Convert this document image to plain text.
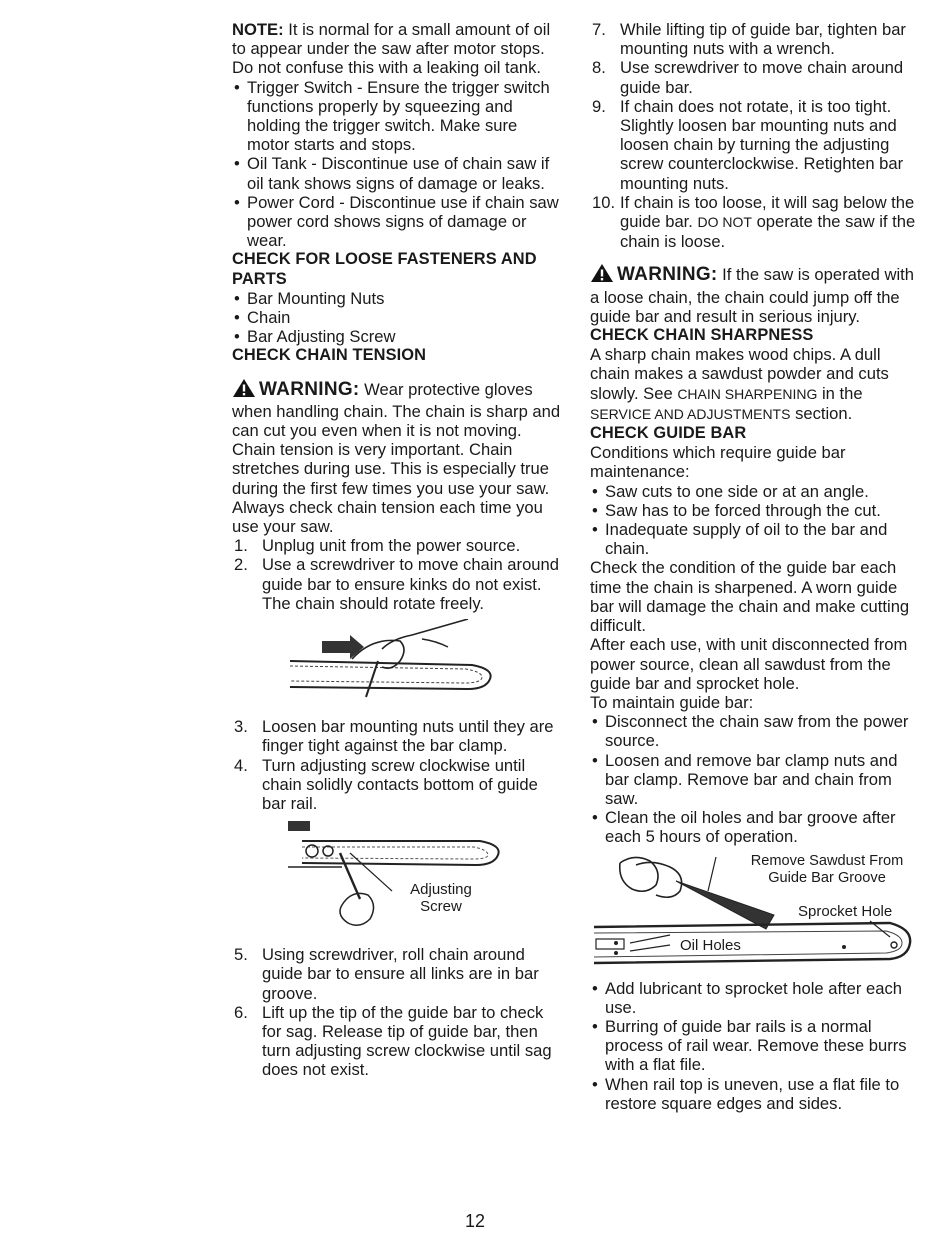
NOTE: It is normal for a small amount of oil to appear under the saw after motor stops. Do not confuse this with a leaking oil tank.

• Trigger Switch - Ensure the trigger switch functions properly by squeezing and holding the trigger switch. Make sure motor starts and stops.
• Oil Tank - Discontinue use of chain saw if oil tank shows signs of damage or leaks.
• Power Cord - Discontinue use if chain saw power cord shows signs of damage or wear.

CHECK FOR LOOSE FASTENERS AND PARTS

• Bar Mounting Nuts
• Chain
• Bar Adjusting Screw

CHECK CHAIN TENSION

WARNING: Wear protective gloves when handling chain. The chain is sharp and can cut you even when it is not moving.

Chain tension is very important. Chain stretches during use. This is especially true during the first few times you use your saw. Always check chain tension each time you use your saw.

1. Unplug unit from the power source.
2. Use a screwdriver to move chain around guide bar to ensure kinks do not exist. The chain should rotate freely.
3. Loosen bar mounting nuts until they are finger tight against the bar clamp.
4. Turn adjusting screw clockwise until chain solidly contacts bottom of guide bar rail.
Adjusting Screw
5. Using screwdriver, roll chain around guide bar to ensure all links are in bar groove.
6. Lift up the tip of the guide bar to check for sag. Release tip of guide bar, then turn adjusting screw clockwise until sag does not exist.
7. While lifting tip of guide bar, tighten bar mounting nuts with a wrench.
8. Use screwdriver to move chain around guide bar.
9. If chain does not rotate, it is too tight. Slightly loosen bar mounting nuts and loosen chain by turning the adjusting screw counterclockwise. Retighten bar mounting nuts.
10. If chain is too loose, it will sag below the guide bar. DO NOT operate the saw if the chain is loose.

WARNING: If the saw is operated with a loose chain, the chain could jump off the guide bar and result in serious injury.

CHECK CHAIN SHARPNESS

A sharp chain makes wood chips. A dull chain makes a sawdust powder and cuts slowly. See CHAIN SHARPENING in the SERVICE AND ADJUSTMENTS section.

CHECK GUIDE BAR

Conditions which require guide bar maintenance:

• Saw cuts to one side or at an angle.
• Saw has to be forced through the cut.
• Inadequate supply of oil to the bar and chain.

Check the condition of the guide bar each time the chain is sharpened. A worn guide bar will damage the chain and make cutting difficult.

After each use, with unit disconnected from power source, clean all sawdust from the guide bar and sprocket hole.

To maintain guide bar:

• Disconnect the chain saw from the power source.
• Loosen and remove bar clamp nuts and bar clamp. Remove bar and chain from saw.
• Clean the oil holes and bar groove after each 5 hours of operation.
Remove Sawdust From Guide Bar Groove
Sprocket Hole
Oil Holes
• Add lubricant to sprocket hole after each use.
• Burring of guide bar rails is a normal process of rail wear. Remove these burrs with a flat file.
• When rail top is uneven, use a flat file to restore square edges and sides.
12
